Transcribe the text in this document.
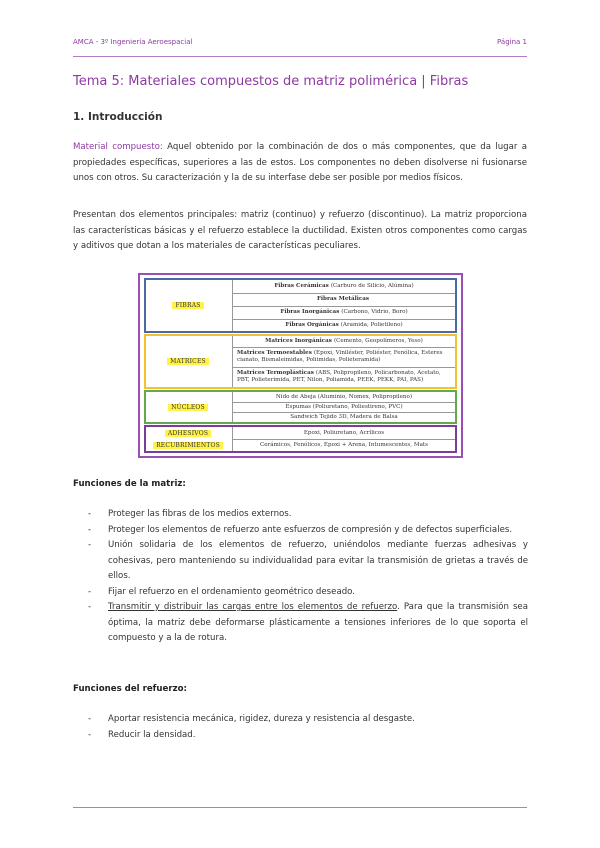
AMCA - 3º Ingeniería Aeroespacial	Página 1
Tema 5: Materiales compuestos de matriz polimérica | Fibras
1. Introducción
Material compuesto: Aquel obtenido por la combinación de dos o más componentes, que da lugar a propiedades específicas, superiores a las de estos. Los componentes no deben disolverse ni fusionarse unos con otros. Su caracterización y la de su interfase debe ser posible por medios físicos.
Presentan dos elementos principales: matriz (continuo) y refuerzo (discontinuo). La matriz proporciona las características básicas y el refuerzo establece la ductilidad. Existen otros componentes como cargas y aditivos que dotan a los materiales de características peculiares.
FIBRAS
Fibras Cerámicas (Carburo de Silicio, Alúmina)
Fibras Metálicas
Fibras Inorgánicas (Carbono, Vidrio, Boro)
Fibras Orgánicas (Aramida, Polietileno)
MATRICES
Matrices Inorgánicas (Cemento, Geopolímeros, Yeso)
Matrices Termoestables (Epoxi, Viniléster, Poliéster, Fenólica, Esteres cianato, Bismaleimidas, Poliimidas, Polieteramida)
Matrices Termoplásticas (ABS, Polipropileno, Policarbonato, Acetato, PBT, Polieterimida, PET, Nilon, Poliamida, PEEK, PEKK, PAI, PAS)
NÚCLEOS
Nido de Abeja (Aluminio, Nomex, Polipropileno)
Espumas (Poliuretano, Poliestireno, PVC)
Sandwich Tejido 3D, Madera de Balsa
ADHESIVOS
RECUBRIMIENTOS
Epoxi, Poliuretano, Acrílicos
Cerámicos, Fenólicos, Epoxi + Arena, Intumescentes, Mats
Funciones de la matriz:
- Proteger las fibras de los medios externos.
- Proteger los elementos de refuerzo ante esfuerzos de compresión y de defectos superficiales.
- Unión solidaria de los elementos de refuerzo, uniéndolos mediante fuerzas adhesivas y cohesivas, pero manteniendo su individualidad para evitar la transmisión de grietas a través de ellos.
- Fijar el refuerzo en el ordenamiento geométrico deseado.
- Transmitir y distribuir las cargas entre los elementos de refuerzo. Para que la transmisión sea óptima, la matriz debe deformarse plásticamente a tensiones inferiores de lo que soporta el compuesto y a la de rotura.
Funciones del refuerzo:
- Aportar resistencia mecánica, rigidez, dureza y resistencia al desgaste.
- Reducir la densidad.
